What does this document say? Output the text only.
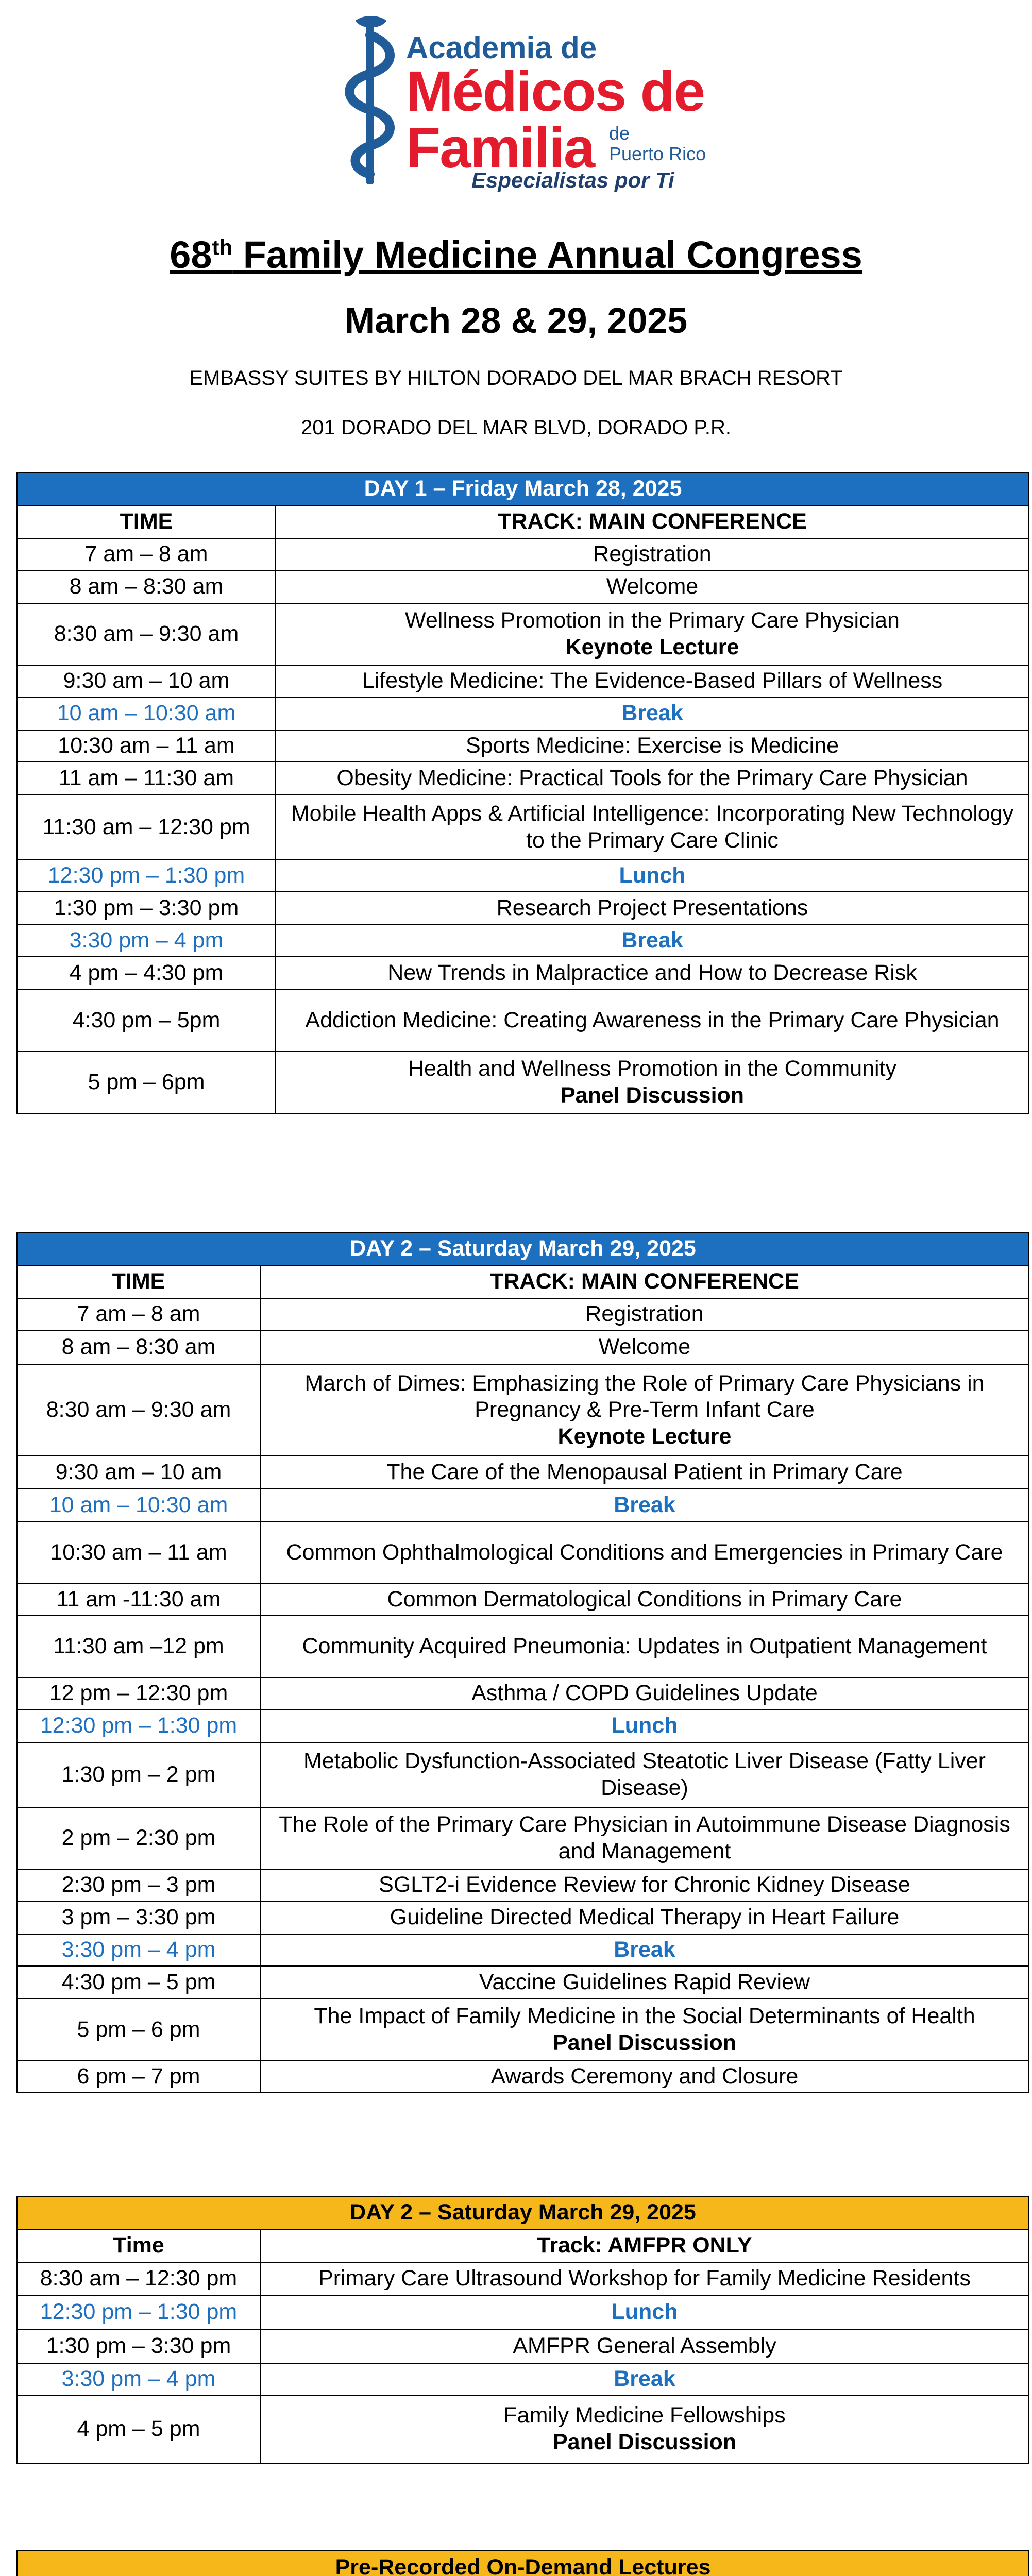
Academia de
Médicos de
Familia de
Puerto Rico
Especialistas por Ti
68th Family Medicine Annual Congress
March 28 & 29, 2025
EMBASSY SUITES BY HILTON DORADO DEL MAR BRACH RESORT
201 DORADO DEL MAR BLVD, DORADO P.R.
DAY 1 – Friday March 28, 2025	
TIME	TRACK: MAIN CONFERENCE
7 am – 8 am	Registration
8 am – 8:30 am	Welcome
8:30 am – 9:30 am	Wellness Promotion in the Primary Care Physician
Keynote Lecture

9:30 am – 10 am	Lifestyle Medicine: The Evidence-Based Pillars of Wellness
10 am – 10:30 am	Break
10:30 am – 11 am	Sports Medicine: Exercise is Medicine
11 am – 11:30 am	Obesity Medicine: Practical Tools for the Primary Care Physician
11:30 am – 12:30 pm	Mobile Health Apps & Artificial Intelligence: Incorporating New Technology to the Primary Care Clinic
12:30 pm – 1:30 pm	Lunch
1:30 pm – 3:30 pm	Research Project Presentations
3:30 pm – 4 pm	Break
4 pm – 4:30 pm	New Trends in Malpractice and How to Decrease Risk
4:30 pm – 5pm	Addiction Medicine: Creating Awareness in the Primary Care Physician
5 pm – 6pm	Health and Wellness Promotion in the Community
Panel Discussion
DAY 2 – Saturday March 29, 2025	
TIME	TRACK: MAIN CONFERENCE
7 am – 8 am	Registration
8 am – 8:30 am	Welcome
8:30 am – 9:30 am	March of Dimes: Emphasizing the Role of Primary Care Physicians in Pregnancy & Pre-Term Infant Care
Keynote Lecture

9:30 am – 10 am	The Care of the Menopausal Patient in Primary Care
10 am – 10:30 am	Break
10:30 am – 11 am	Common Ophthalmological Conditions and Emergencies in Primary Care
11 am -11:30 am	Common Dermatological Conditions in Primary Care
11:30 am –12 pm	Community Acquired Pneumonia: Updates in Outpatient Management
12 pm – 12:30 pm	Asthma / COPD Guidelines Update
12:30 pm – 1:30 pm	Lunch
1:30 pm – 2 pm	Metabolic Dysfunction-Associated Steatotic Liver Disease (Fatty Liver Disease)
2 pm – 2:30 pm	The Role of the Primary Care Physician in Autoimmune Disease Diagnosis and Management
2:30 pm – 3 pm	SGLT2-i Evidence Review for Chronic Kidney Disease
3 pm – 3:30 pm	Guideline Directed Medical Therapy in Heart Failure
3:30 pm – 4 pm	Break
4:30 pm – 5 pm	Vaccine Guidelines Rapid Review
5 pm – 6 pm	The Impact of Family Medicine in the Social Determinants of Health
Panel Discussion

6 pm – 7 pm	Awards Ceremony and Closure
DAY 2 – Saturday March 29, 2025	
Time	Track: AMFPR ONLY
8:30 am – 12:30 pm	Primary Care Ultrasound Workshop for Family Medicine Residents
12:30 pm – 1:30 pm	Lunch
1:30 pm – 3:30 pm	AMFPR General Assembly
3:30 pm – 4 pm	Break
4 pm – 5 pm	Family Medicine Fellowships
Panel Discussion
Pre-Recorded On-Demand Lectures	
